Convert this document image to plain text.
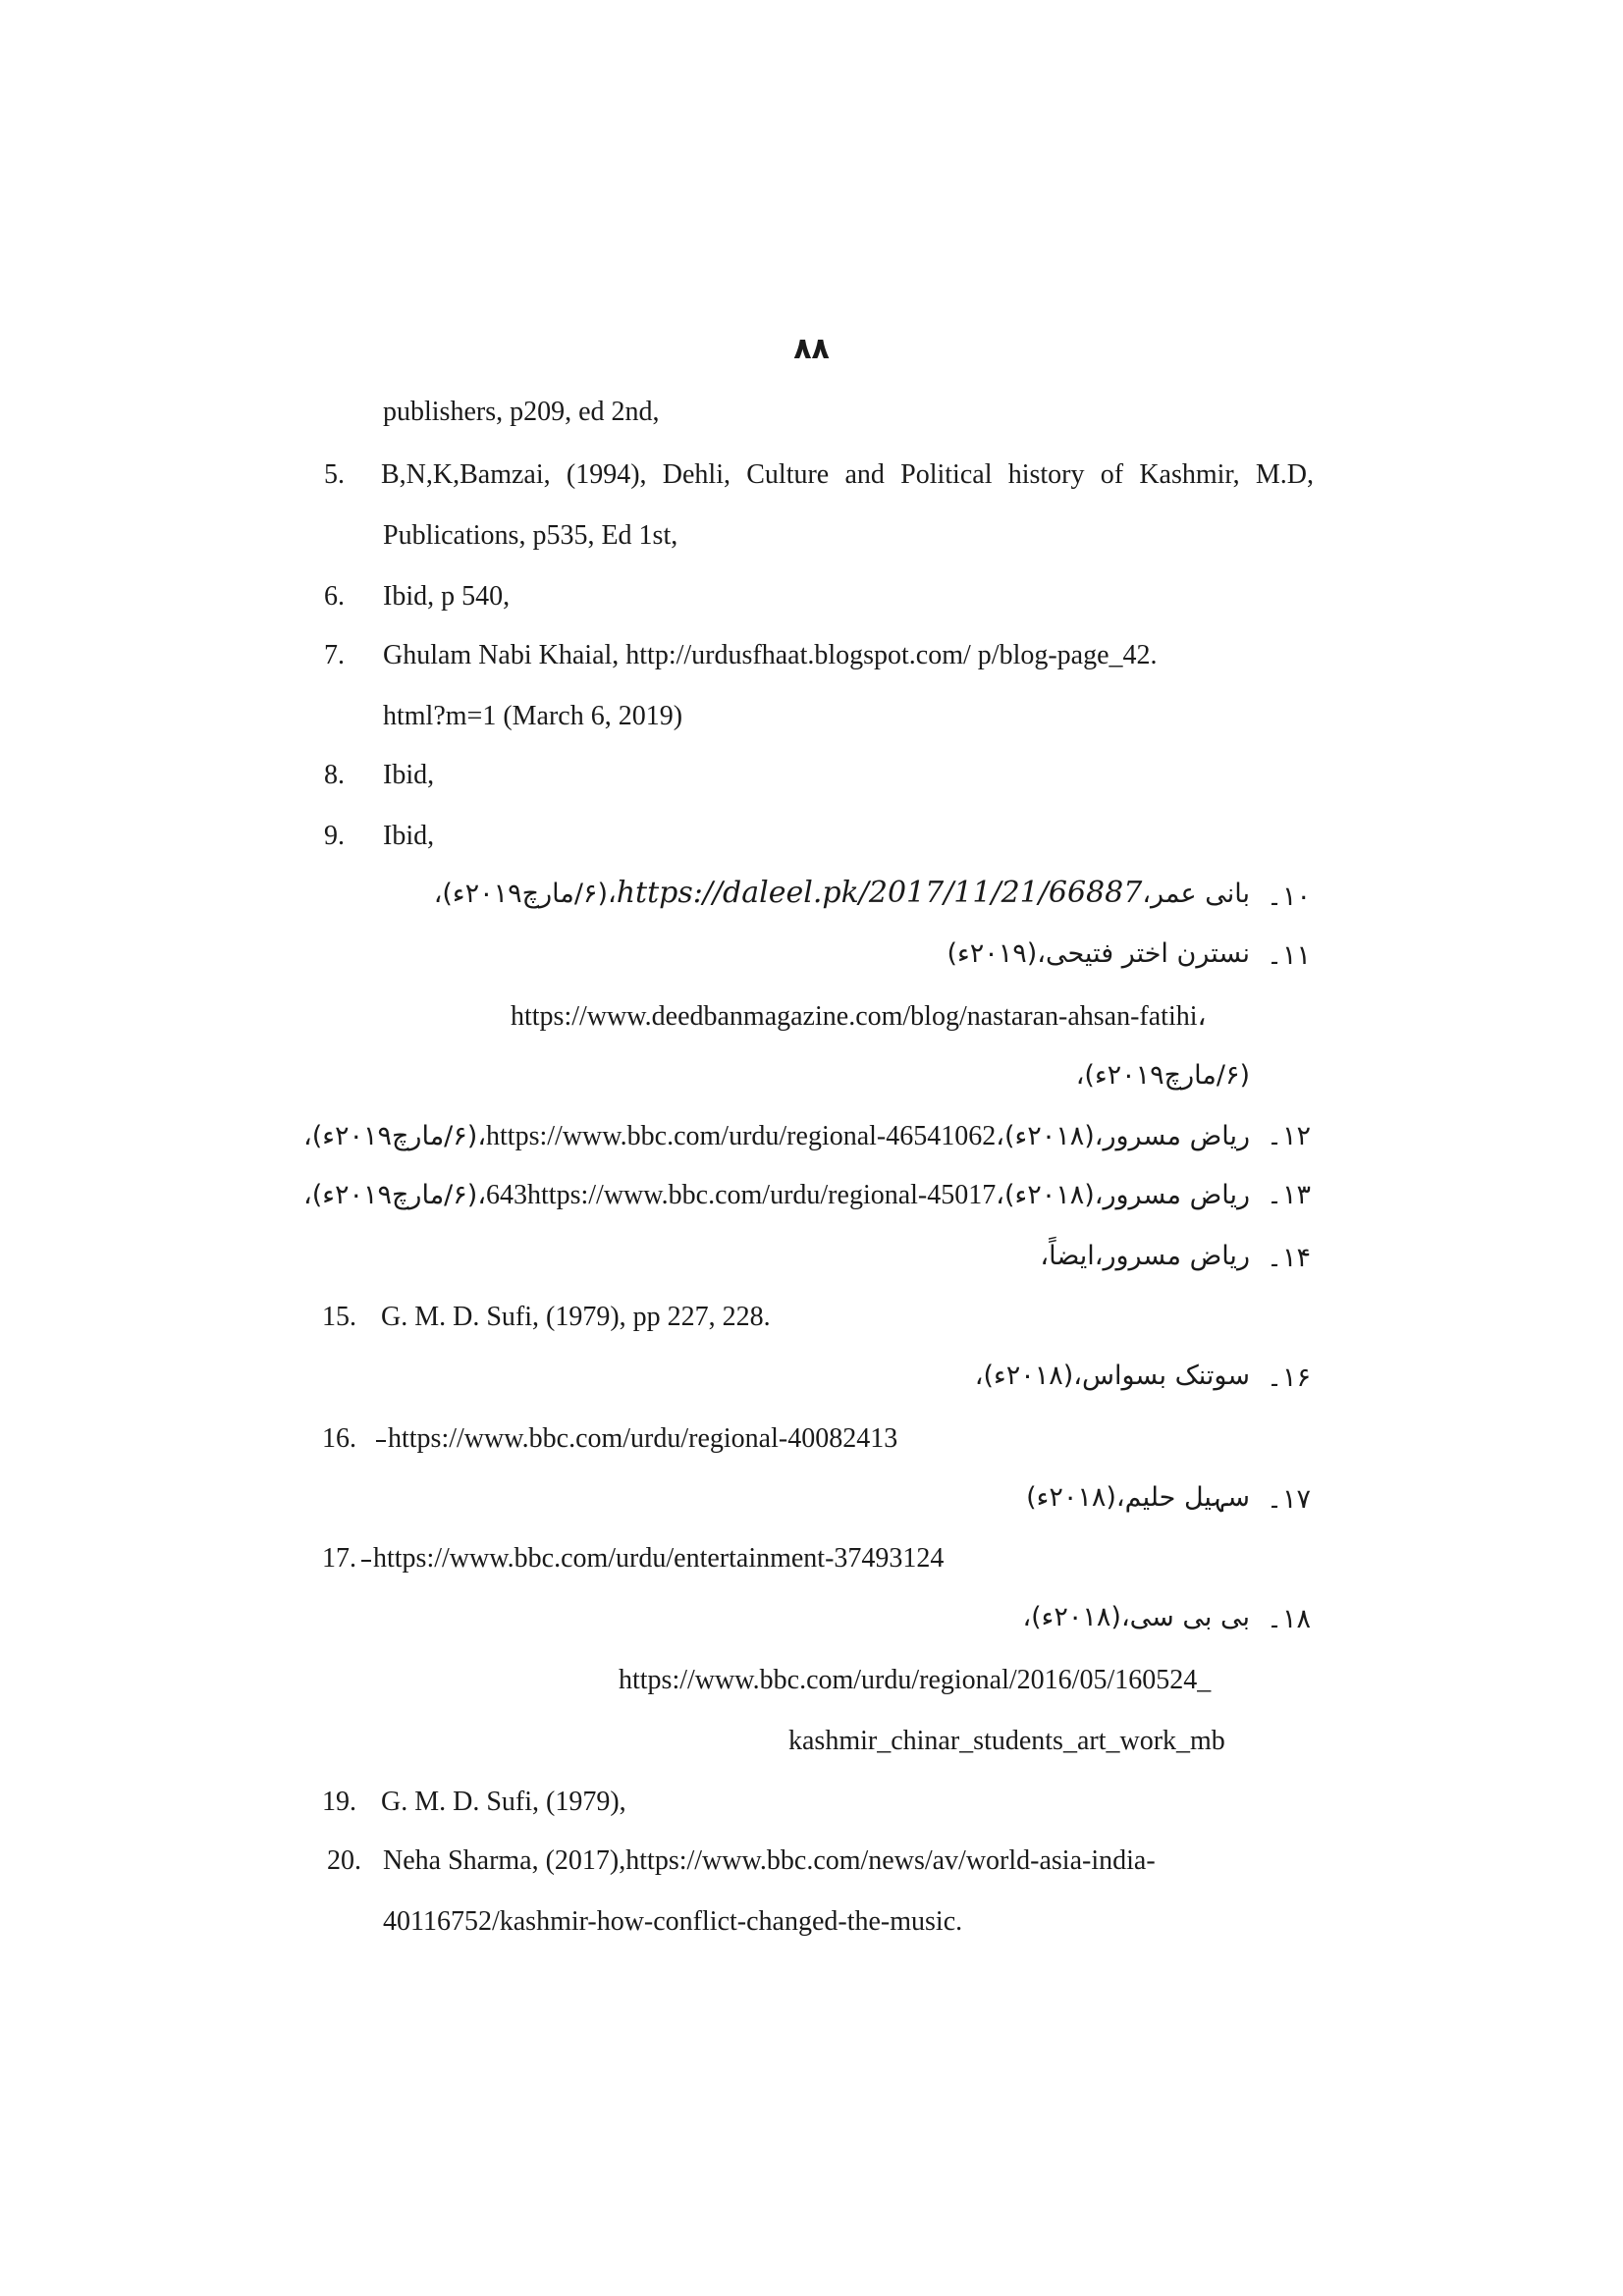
۸۸
publishers, p209, ed 2nd,
5. B,N,K,Bamzai, (1994), Dehli, Culture and Political history of Kashmir, M.D,
Publications, p535, Ed 1st,
6. Ibid, p 540,
7. Ghulam Nabi Khaial, http://urdusfhaat.blogspot.com/ p/blog-page_42.
html?m=1 (March 6, 2019)
8. Ibid,
9. Ibid,
۱۰۔
بانی عمر،https://daleel.pk/2017/11/21/66887،(۶/مارچ۲۰۱۹ء)،
۱۱۔
نسترن اختر فتیحی،(۲۰۱۹ء)
https://www.deedbanmagazine.com/blog/nastaran-ahsan-fatihi،
(۶/مارچ۲۰۱۹ء)،
۱۲۔
ریاض مسرور،(۲۰۱۸ء)،https://www.bbc.com/urdu/regional-46541062،(۶/مارچ۲۰۱۹ء)،
۱۳۔
ریاض مسرور،(۲۰۱۸ء)،643https://www.bbc.com/urdu/regional-45017،(۶/مارچ۲۰۱۹ء)،
۱۴۔
ریاض مسرور،ایضاً،
15. G. M. D. Sufi, (1979), pp 227, 228.
۱۶۔
سوتنک بسواس،(۲۰۱۸ء)،
16.	https://www.bbc.com/urdu/regional-40082413
۱۷۔
سہیل حلیم،(۲۰۱۸ء)
17. https://www.bbc.com/urdu/entertainment-37493124
۱۸۔
بی بی سی،(۲۰۱۸ء)،
https://www.bbc.com/urdu/regional/2016/05/160524_
kashmir_chinar_students_art_work_mb
19. G. M. D. Sufi, (1979),
20. Neha Sharma, (2017),https://www.bbc.com/news/av/world-asia-india-
40116752/kashmir-how-conflict-changed-the-music.
